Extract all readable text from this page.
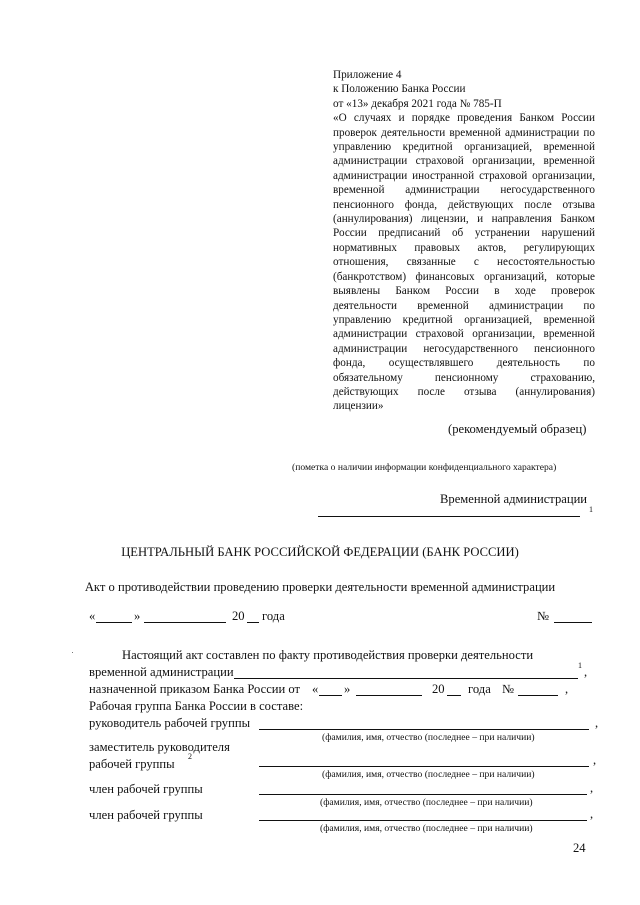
Приложение 4
к Положению Банка России
от «13» декабря 2021 года № 785-П
«О случаях и порядке проведения Банком России проверок деятельности временной администрации по управлению кредитной организацией, временной администрации страховой организации, временной администрации иностранной страховой организации, временной администрации негосударственного пенсионного фонда, действующих после отзыва (аннулирования) лицензии, и направления Банком России предписаний об устранении нарушений нормативных правовых актов, регулирующих отношения, связанные с несостоятельностью (банкротством) финансовых организаций, которые выявлены Банком России в ходе проверок деятельности временной администрации по управлению кредитной организацией, временной администрации страховой организации, временной администрации негосударственного пенсионного фонда, осуществлявшего деятельность по обязательному пенсионному страхованию, действующих после отзыва (аннулирования) лицензии»
(рекомендуемый образец)
(пометка о наличии информации конфиденциального характера)
Временной администрации
1
ЦЕНТРАЛЬНЫЙ БАНК РОССИЙСКОЙ ФЕДЕРАЦИИ (БАНК РОССИИ)
Акт о противодействии проведению проверки деятельности временной администрации
«	»	20 года	№
Настоящий акт составлен по факту противодействия проверки деятельности
временной администрации	1 ,
назначенной приказом Банка России от « »	20 года №	,
Рабочая группа Банка России в составе:
руководитель рабочей группы	,
(фамилия, имя, отчество (последнее – при наличии)
заместитель руководителя
рабочей группы
2	,
(фамилия, имя, отчество (последнее – при наличии)
член рабочей группы	,
(фамилия, имя, отчество (последнее – при наличии)
член рабочей группы	,
(фамилия, имя, отчество (последнее – при наличии)
24
